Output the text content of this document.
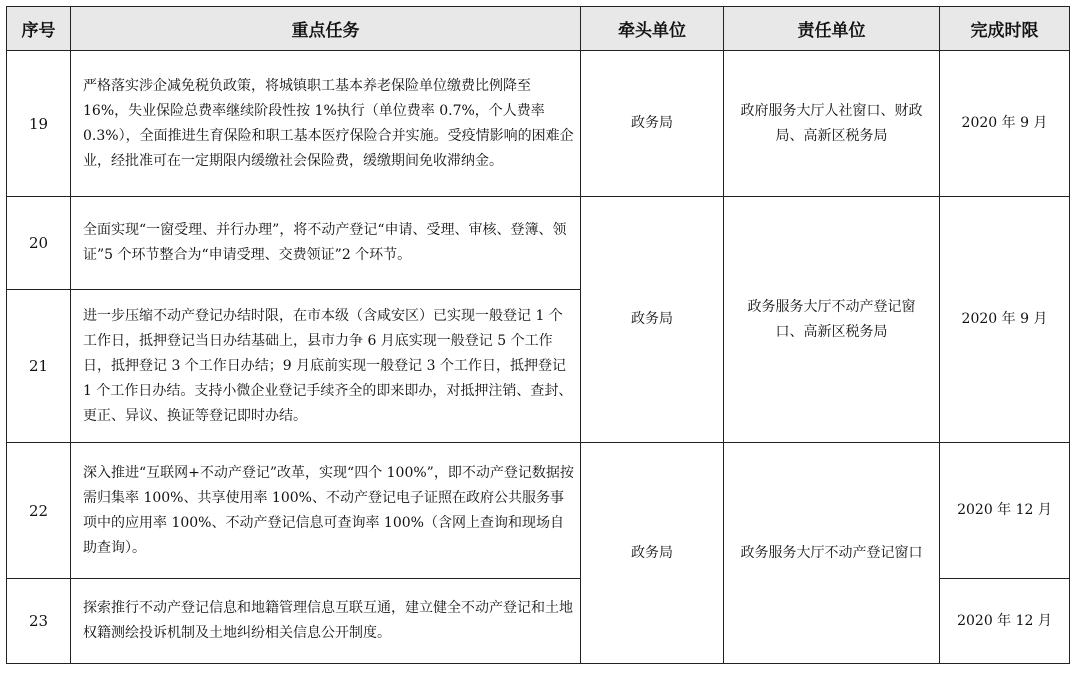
序号	重点任务	牵头单位	责任单位	完成时限
19	严格落实涉企减免税负政策，将城镇职工基本养老保险单位缴费比例降至 16%，失业保险总费率继续阶段性按 1%执行（单位费率 0.7%，个人费率 0.3%），全面推进生育保险和职工基本医疗保险合并实施。受疫情影响的困难企业，经批准可在一定期限内缓缴社会保险费，缓缴期间免收滞纳金。	政务局	政府服务大厅人社窗口、财政局、高新区税务局	2020 年 9 月
20	全面实现“一窗受理、并行办理”，将不动产登记“申请、受理、审核、登簿、领证”5 个环节整合为“申请受理、交费领证”2 个环节。	政务局	政务服务大厅不动产登记窗口、高新区税务局	2020 年 9 月
21	进一步压缩不动产登记办结时限，在市本级（含咸安区）已实现一般登记 1 个工作日，抵押登记当日办结基础上，县市力争 6 月底实现一般登记 5 个工作日，抵押登记 3 个工作日办结；9 月底前实现一般登记 3 个工作日，抵押登记 1 个工作日办结。支持小微企业登记手续齐全的即来即办，对抵押注销、查封、更正、异议、换证等登记即时办结。			
22	深入推进“互联网+不动产登记”改革，实现“四个 100%”，即不动产登记数据按需归集率 100%、共享使用率 100%、不动产登记电子证照在政府公共服务事项中的应用率 100%、不动产登记信息可查询率 100%（含网上查询和现场自助查询）。	政务局	政务服务大厅不动产登记窗口	2020 年 12 月
23	探索推行不动产登记信息和地籍管理信息互联互通，建立健全不动产登记和土地权籍测绘投诉机制及土地纠纷相关信息公开制度。			2020 年 12 月
